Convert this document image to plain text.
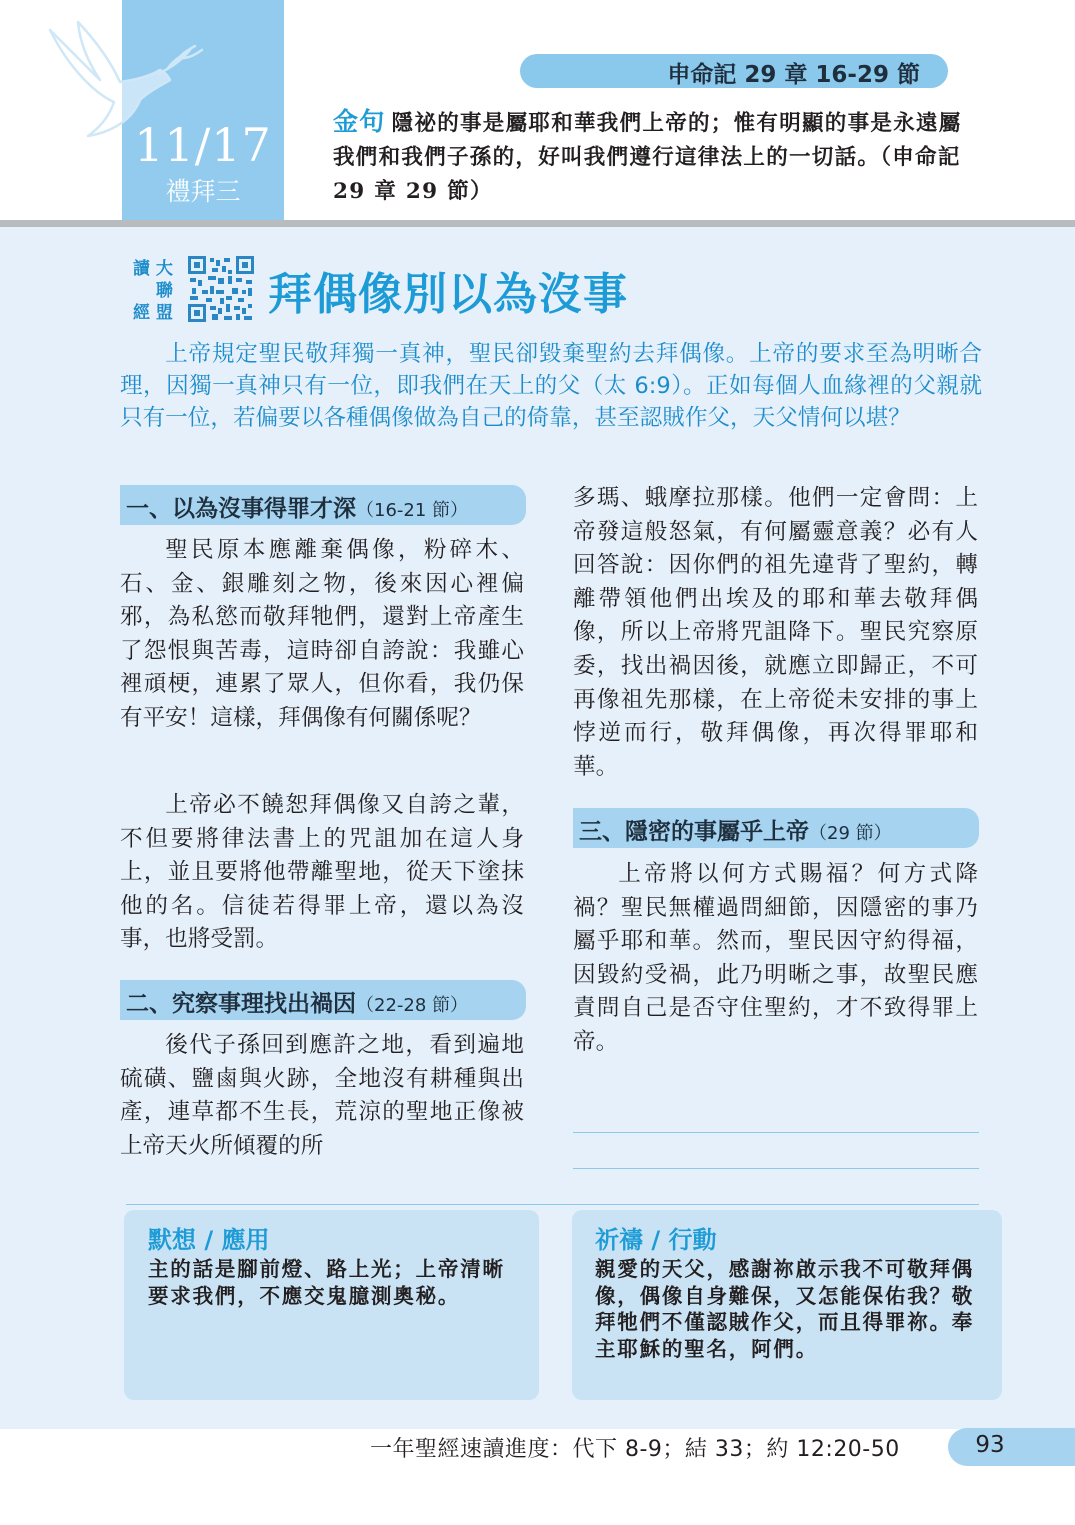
11/17
禮拜三
申命記 29 章 16-29 節
金句 隱祕的事是屬耶和華我們上帝的；惟有明顯的事是永遠屬我們和我們子孫的，好叫我們遵行這律法上的一切話。（申命記 29 章 29 節）
讀 大
　 聯
經 盟 拜偶像別以為沒事
上帝規定聖民敬拜獨一真神，聖民卻毀棄聖約去拜偶像。上帝的要求至為明晰合理，因獨一真神只有一位，即我們在天上的父（太 6:9）。正如每個人血緣裡的父親就只有一位，若偏要以各種偶像做為自己的倚靠，甚至認賊作父，天父情何以堪？
一、以為沒事得罪才深（16-21 節）
聖民原本應離棄偶像，粉碎木、石、金、銀雕刻之物，後來因心裡偏邪，為私慾而敬拜牠們，還對上帝產生了怨恨與苦毒，這時卻自誇說：我雖心裡頑梗，連累了眾人，但你看，我仍保有平安！這樣，拜偶像有何關係呢？
上帝必不饒恕拜偶像又自誇之輩，不但要將律法書上的咒詛加在這人身上，並且要將他帶離聖地，從天下塗抹他的名。信徒若得罪上帝，還以為沒事，也將受罰。
二、究察事理找出禍因（22-28 節）
後代子孫回到應許之地，看到遍地硫磺、鹽鹵與火跡，全地沒有耕種與出產，連草都不生長，荒涼的聖地正像被上帝天火所傾覆的所
多瑪、蛾摩拉那樣。他們一定會問：上帝發這般怒氣，有何屬靈意義？必有人回答說：因你們的祖先違背了聖約，轉離帶領他們出埃及的耶和華去敬拜偶像，所以上帝將咒詛降下。聖民究察原委，找出禍因後，就應立即歸正，不可再像祖先那樣，在上帝從未安排的事上悖逆而行，敬拜偶像，再次得罪耶和華。
三、隱密的事屬乎上帝（29 節）
上帝將以何方式賜福？何方式降禍？聖民無權過問細節，因隱密的事乃屬乎耶和華。然而，聖民因守約得福，因毀約受禍，此乃明晰之事，故聖民應責問自己是否守住聖約，才不致得罪上帝。
默想 / 應用
主的話是腳前燈、路上光；上帝清晰要求我們，不應交鬼臆測奧秘。
祈禱 / 行動
親愛的天父，感謝祢啟示我不可敬拜偶像，偶像自身難保，又怎能保佑我？敬拜牠們不僅認賊作父，而且得罪祢。奉主耶穌的聖名，阿們。
一年聖經速讀進度：代下 8-9；結 33；約 12:20-50	93
